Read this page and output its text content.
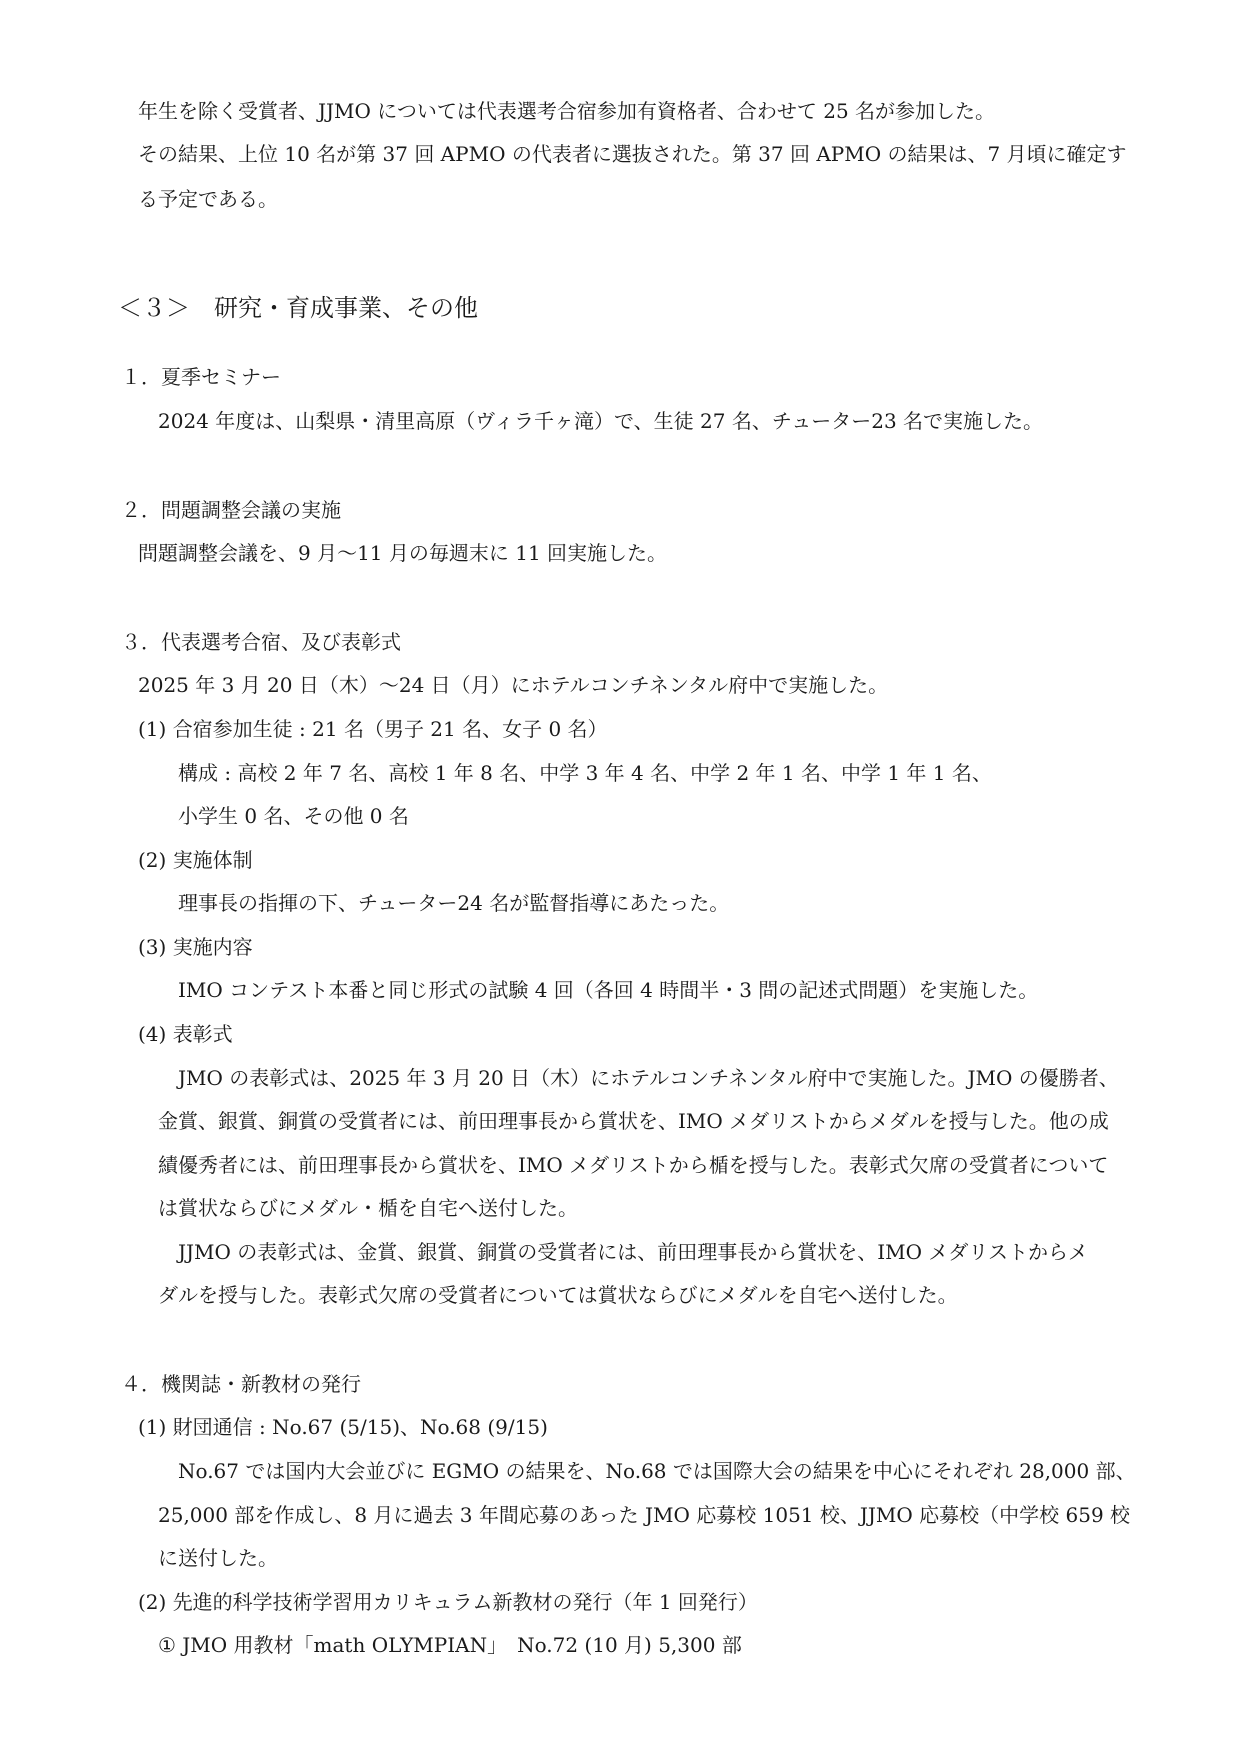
年生を除く受賞者、JJMO については代表選考合宿参加有資格者、合わせて 25 名が参加した。
その結果、上位 10 名が第 37 回 APMO の代表者に選抜された。第 37 回 APMO の結果は、7 月頃に確定す
る予定である。
＜３＞　研究・育成事業、その他
１．夏季セミナー
2024 年度は、山梨県・清里高原（ヴィラ千ヶ滝）で、生徒 27 名、チューター23 名で実施した。
２．問題調整会議の実施
問題調整会議を、9 月～11 月の毎週末に 11 回実施した。
３．代表選考合宿、及び表彰式
2025 年 3 月 20 日（木）～24 日（月）にホテルコンチネンタル府中で実施した。
(1) 合宿参加生徒 : 21 名（男子 21 名、女子 0 名）
構成 : 高校 2 年 7 名、高校 1 年 8 名、中学 3 年 4 名、中学 2 年 1 名、中学 1 年 1 名、
小学生 0 名、その他 0 名
(2) 実施体制
理事長の指揮の下、チューター24 名が監督指導にあたった。
(3) 実施内容
IMO コンテスト本番と同じ形式の試験 4 回（各回 4 時間半・3 問の記述式問題）を実施した。
(4) 表彰式
JMO の表彰式は、2025 年 3 月 20 日（木）にホテルコンチネンタル府中で実施した。JMO の優勝者、
金賞、銀賞、銅賞の受賞者には、前田理事長から賞状を、IMO メダリストからメダルを授与した。他の成
績優秀者には、前田理事長から賞状を、IMO メダリストから楯を授与した。表彰式欠席の受賞者について
は賞状ならびにメダル・楯を自宅へ送付した。
JJMO の表彰式は、金賞、銀賞、銅賞の受賞者には、前田理事長から賞状を、IMO メダリストからメ
ダルを授与した。表彰式欠席の受賞者については賞状ならびにメダルを自宅へ送付した。
４．機関誌・新教材の発行
(1) 財団通信 : No.67 (5/15)、No.68 (9/15)
No.67 では国内大会並びに EGMO の結果を、No.68 では国際大会の結果を中心にそれぞれ 28,000 部、
25,000 部を作成し、8 月に過去 3 年間応募のあった JMO 応募校 1051 校、JJMO 応募校（中学校 659 校
に送付した。
(2) 先進的科学技術学習用カリキュラム新教材の発行（年 1 回発行）
① JMO 用教材「math OLYMPIAN」　No.72 (10 月) 5,300 部
